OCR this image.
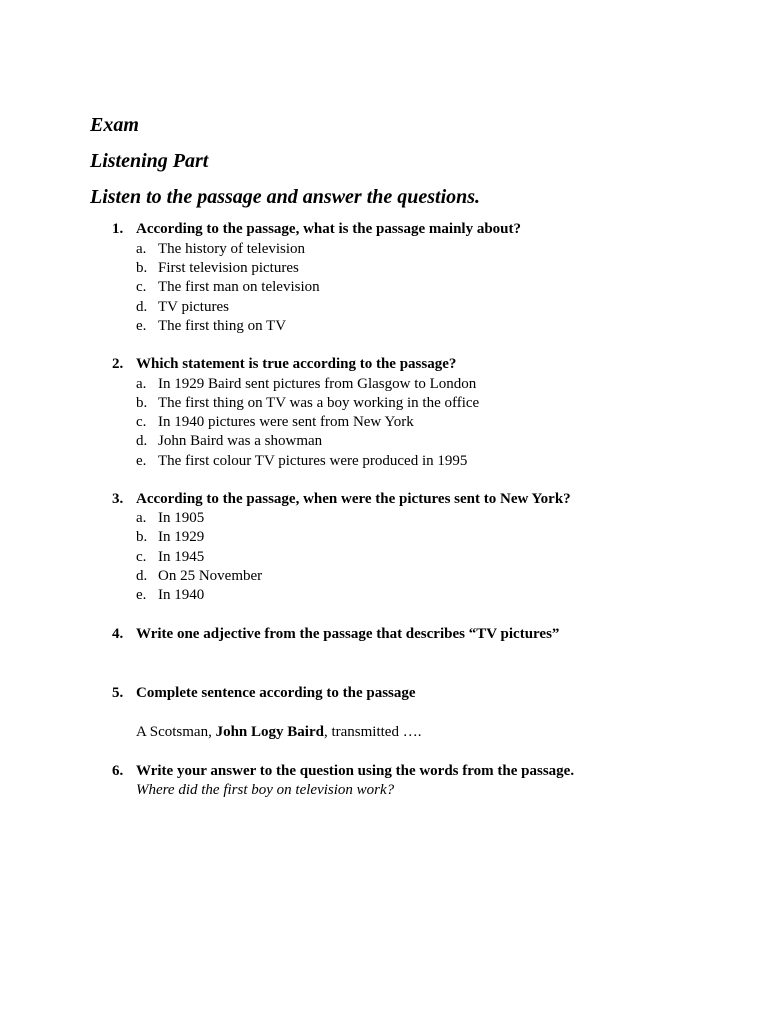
Exam
Listening Part
Listen to the passage and answer the questions.
1. According to the passage, what is the passage mainly about?
a. The history of television
b. First television pictures
c. The first man on television
d. TV pictures
e. The first thing on TV
2. Which statement is true according to the passage?
a. In 1929 Baird sent pictures from Glasgow to London
b. The first thing on TV was a boy working in the office
c. In 1940 pictures were sent from New York
d. John Baird was a showman
e. The first colour TV pictures were produced in 1995
3. According to the passage, when were the pictures sent to New York?
a. In 1905
b. In 1929
c. In 1945
d. On 25 November
e. In 1940
4. Write one adjective from the passage that describes “TV pictures”
5. Complete sentence according to the passage
A Scotsman, John Logy Baird, transmitted ….
6. Write your answer to the question using the words from the passage.
Where did the first boy on television work?
